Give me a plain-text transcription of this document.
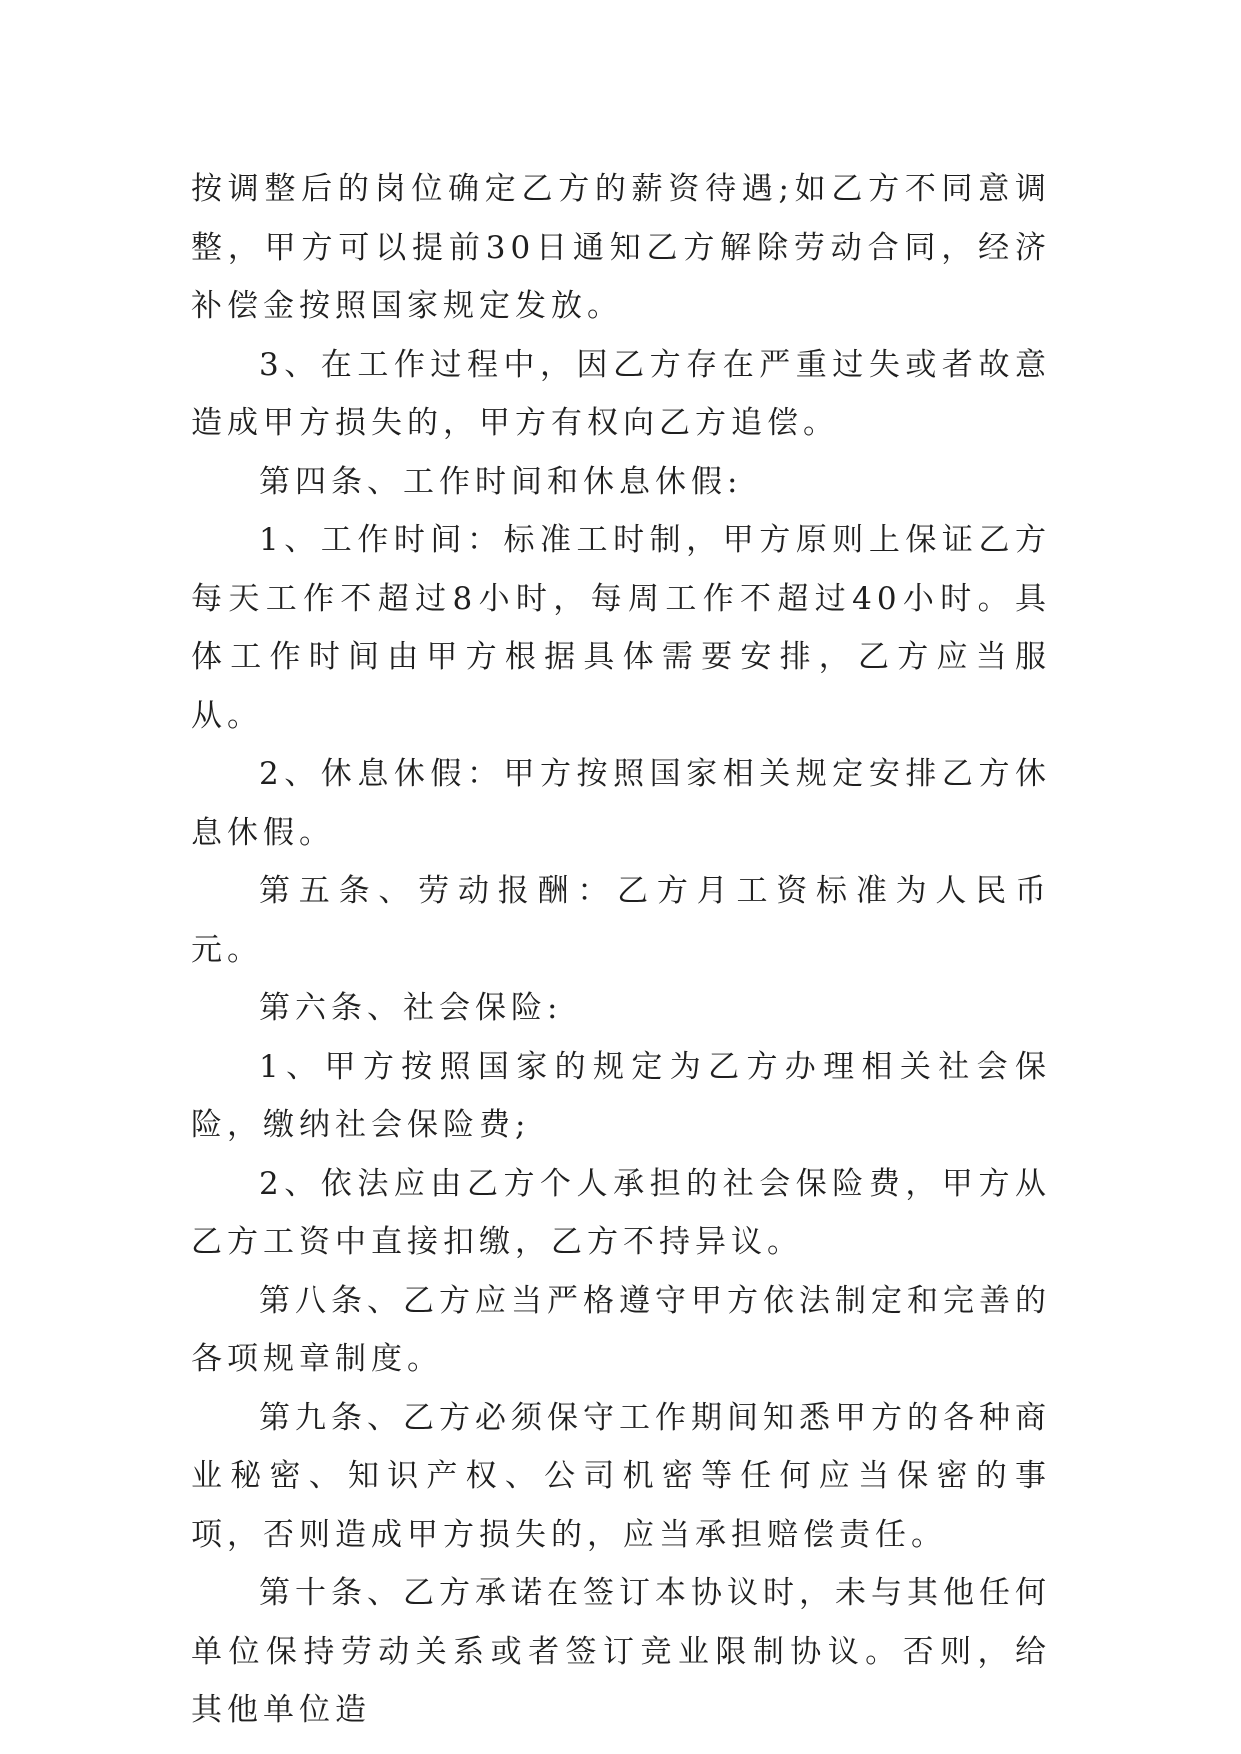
按调整后的岗位确定乙方的薪资待遇;如乙方不同意调整，甲方可以提前30日通知乙方解除劳动合同，经济补偿金按照国家规定发放。

3、在工作过程中，因乙方存在严重过失或者故意造成甲方损失的，甲方有权向乙方追偿。

第四条、工作时间和休息休假:

1、工作时间：标准工时制，甲方原则上保证乙方每天工作不超过8小时，每周工作不超过40小时。具体工作时间由甲方根据具体需要安排，乙方应当服从。

2、休息休假：甲方按照国家相关规定安排乙方休息休假。

第五条、劳动报酬：乙方月工资标准为人民币 元。

第六条、社会保险:

1、甲方按照国家的规定为乙方办理相关社会保险，缴纳社会保险费;

2、依法应由乙方个人承担的社会保险费，甲方从乙方工资中直接扣缴，乙方不持异议。

第八条、乙方应当严格遵守甲方依法制定和完善的各项规章制度。

第九条、乙方必须保守工作期间知悉甲方的各种商业秘密、知识产权、公司机密等任何应当保密的事项，否则造成甲方损失的，应当承担赔偿责任。

第十条、乙方承诺在签订本协议时，未与其他任何单位保持劳动关系或者签订竞业限制协议。否则，给其他单位造
